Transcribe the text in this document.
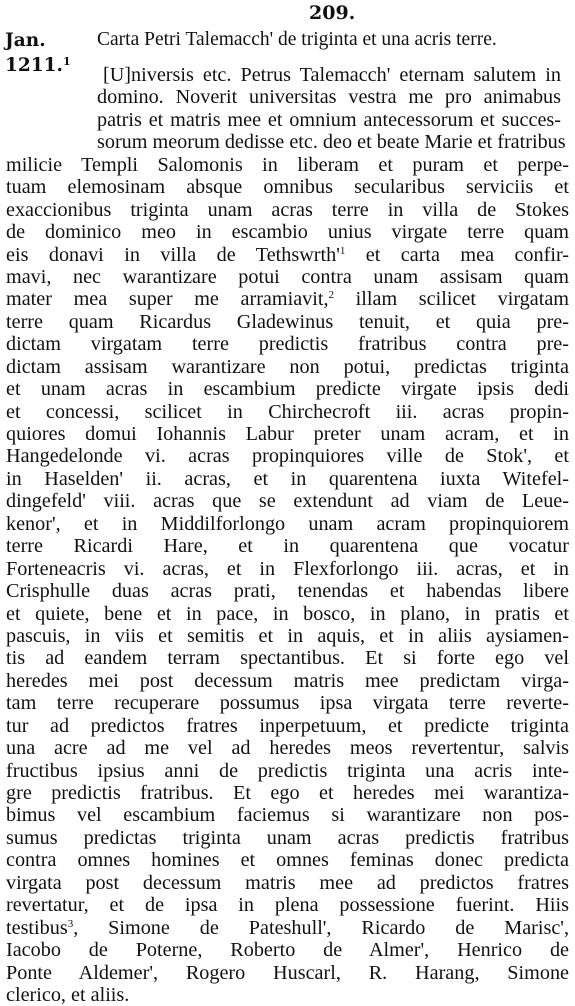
209.
Jan.
1211.$^1$
Carta Petri Talemacch' de triginta et una acris terre.
[U]niversis etc. Petrus Talemacch' eternam salutem in
domino. Noverit universitas vestra me pro animabus
patris et matris mee et omnium antecessorum et succes-
sorum meorum dedisse etc. deo et beate Marie et fratribus
milicie Templi Salomonis in liberam et puram et perpe-
tuam elemosinam absque omnibus secularibus serviciis et
exaccionibus triginta unam acras terre in villa de Stokes
de dominico meo in escambio unius virgate terre quam
eis donavi in villa de Tethswrth'$^1$ et carta mea confir-
mavi, nec warantizare potui contra unam assisam quam
mater mea super me arramiavit,$^2$ illam scilicet virgatam
terre quam Ricardus Gladewinus tenuit, et quia pre-
dictam virgatam terre predictis fratribus contra pre-
dictam assisam warantizare non potui, predictas triginta
et unam acras in escambium predicte virgate ipsis dedi
et concessi, scilicet in Chirchecroft iii. acras propin-
quiores domui Iohannis Labur preter unam acram, et in
Hangedelonde vi. acras propinquiores ville de Stok', et
in Haselden' ii. acras, et in quarentena iuxta Witefel-
dingefeld' viii. acras que se extendunt ad viam de Leue-
kenor', et in Middilforlongo unam acram propinquiorem
terre Ricardi Hare, et in quarentena que vocatur
Forteneacris vi. acras, et in Flexforlongo iii. acras, et in
Crisphulle duas acras prati, tenendas et habendas libere
et quiete, bene et in pace, in bosco, in plano, in pratis et
pascuis, in viis et semitis et in aquis, et in aliis aysiamen-
tis ad eandem terram spectantibus. Et si forte ego vel
heredes mei post decessum matris mee predictam virga-
tam terre recuperare possumus ipsa virgata terre reverte-
tur ad predictos fratres inperpetuum, et predicte triginta
una acre ad me vel ad heredes meos revertentur, salvis
fructibus ipsius anni de predictis triginta una acris inte-
gre predictis fratribus. Et ego et heredes mei warantiza-
bimus vel escambium faciemus si warantizare non pos-
sumus predictas triginta unam acras predictis fratribus
contra omnes homines et omnes feminas donec predicta
virgata post decessum matris mee ad predictos fratres
revertatur, et de ipsa in plena possessione fuerint. Hiis
testibus$^3$, Simone de Pateshull', Ricardo de Marisc',
Iacobo de Poterne, Roberto de Almer', Henrico de
Ponte Aldemer', Rogero Huscarl, R. Harang, Simone
clerico, et aliis.
